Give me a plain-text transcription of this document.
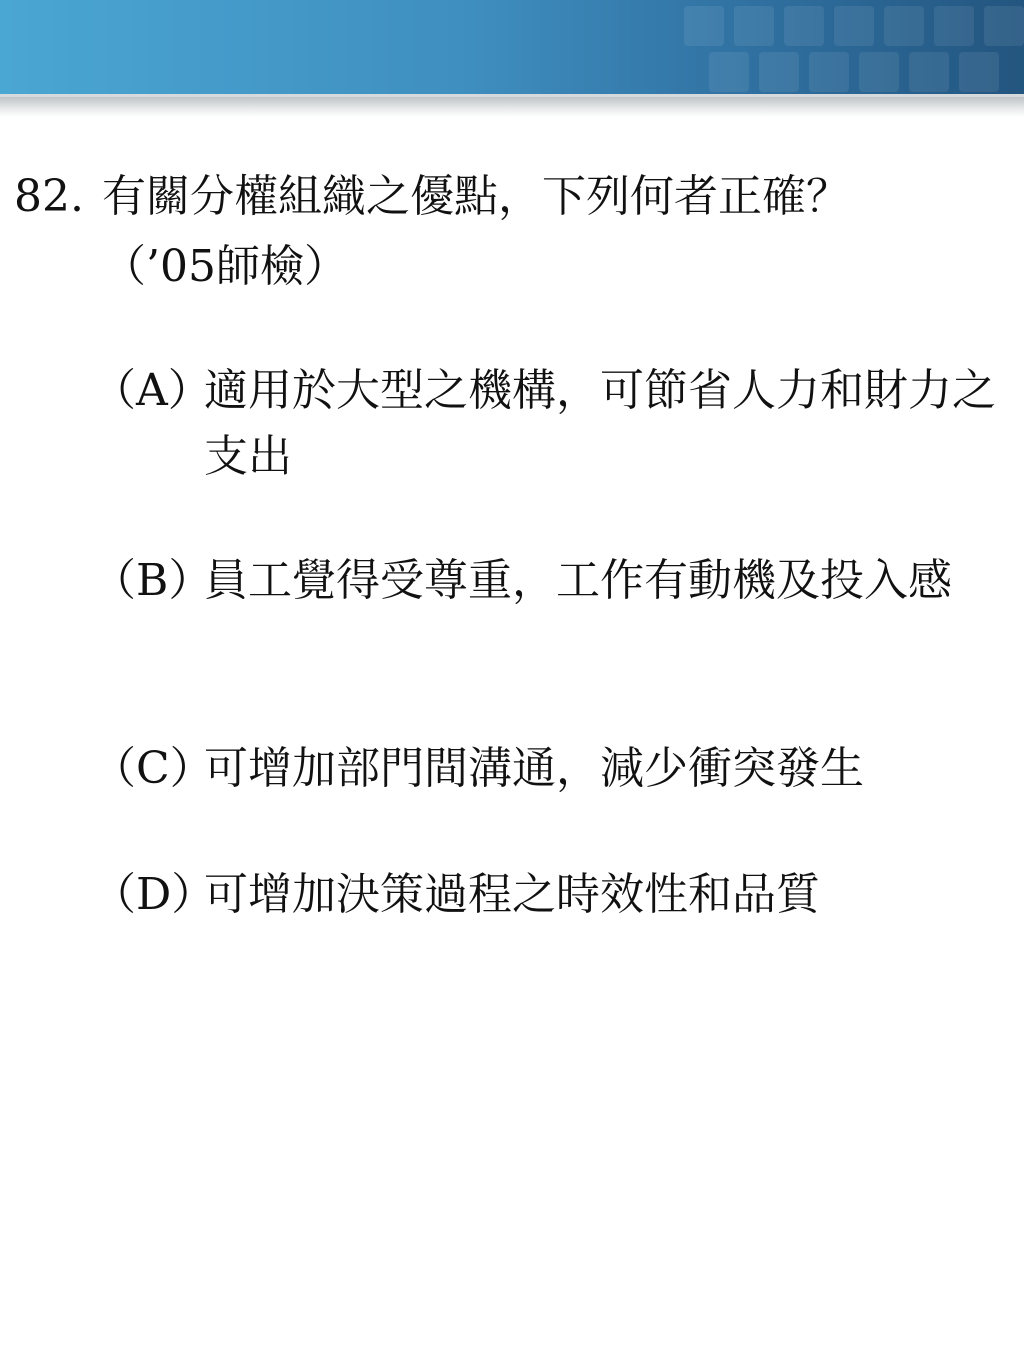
82. 有關分權組織之優點，下列何者正確？
（’05師檢）
（A）
適用於大型之機構，可節省人力和財力之支出
（B）
員工覺得受尊重，工作有動機及投入感
（C）
可增加部門間溝通，減少衝突發生
（D）
可增加決策過程之時效性和品質
